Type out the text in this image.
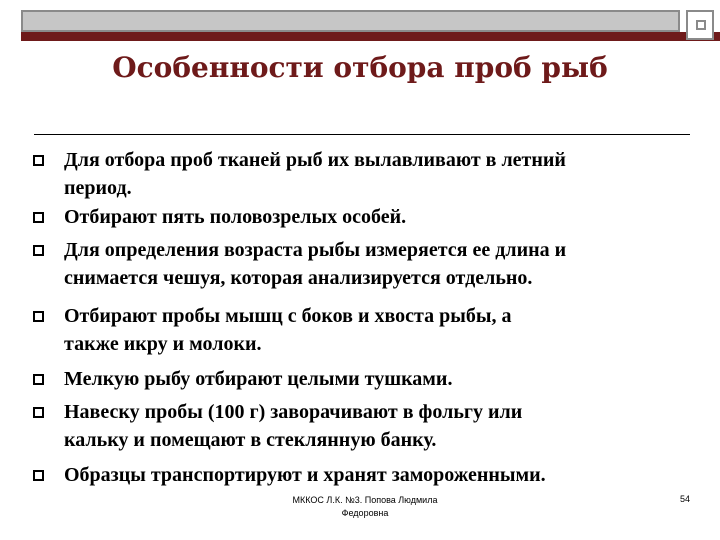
Особенности отбора проб рыб
Для отбора проб тканей рыб их вылавливают в летний
период.
Отбирают пять половозрелых особей.
Для определения возраста рыбы измеряется ее длина и
снимается чешуя, которая анализируется отдельно.
Отбирают пробы мышц с боков и хвоста рыбы, а
также икру и молоки.
Мелкую рыбу отбирают целыми тушками.
Навеску пробы (100 г) заворачивают в фольгу или
кальку и помещают в стеклянную банку.
Образцы транспортируют и хранят замороженными.
МККОС Л.К. №3. Попова Людмила
Федоровна
54
